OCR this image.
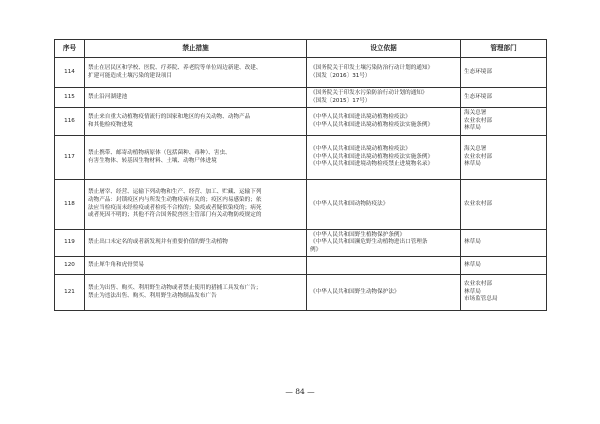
序号	禁止措施	设立依据	管理部门
114	禁止在居民区和学校、医院、疗养院、养老院等单位周边新建、改建、
扩建可能造成土壤污染的建设项目	《国务院关于印发土壤污染防治行动计划的通知》
（国发〔2016〕31号）	生态环境部

115	禁止沿河湖建池	《国务院关于印发水污染防治行动计划的通知》
（国发〔2015〕17号）	生态环境部

116	禁止来自重大动植物疫情流行的国家和地区的有关动物、动物产品
和其他检疫物进境	《中华人民共和国进出境动植物检疫法》
《中华人民共和国进出境动植物检疫法实施条例》	海关总署
农业农村部
林草局

117	禁止携带、邮寄动植物病原体（包括菌种、毒种）、害虫、
有害生物体、转基因生物材料、土壤、动物尸体进境	《中华人民共和国进出境动植物检疫法》
《中华人民共和国进出境动植物检疫法实施条例》
《中华人民共和国进境动物检疫禁止进境物名录》	海关总署
农业农村部
林草局

118	禁止屠宰、经营、运输下列动物和生产、经营、加工、贮藏、运输下列
动物产品：封锁疫区内与所发生动物疫病有关的；疫区内易感染的；依
法应当检疫而未经检疫或者检疫不合格的；染疫或者疑似染疫的；病死
或者死因不明的；其他不符合国务院兽医主管部门有关动物防疫规定的	《中华人民共和国动物防疫法》	农业农村部

119	禁止出口未定名的或者新发现并有重要价值的野生动植物	《中华人民共和国野生植物保护条例》
《中华人民共和国濒危野生动植物进出口管理条
例》	林草局

120	禁止犀牛角和虎骨贸易		林草局

121	禁止为出售、购买、利用野生动物或者禁止使用的猎捕工具发布广告；
禁止为违法出售、购买、利用野生动物制品发布广告	《中华人民共和国野生动物保护法》	农业农村部
林草局
市场监管总局
— 84 —
